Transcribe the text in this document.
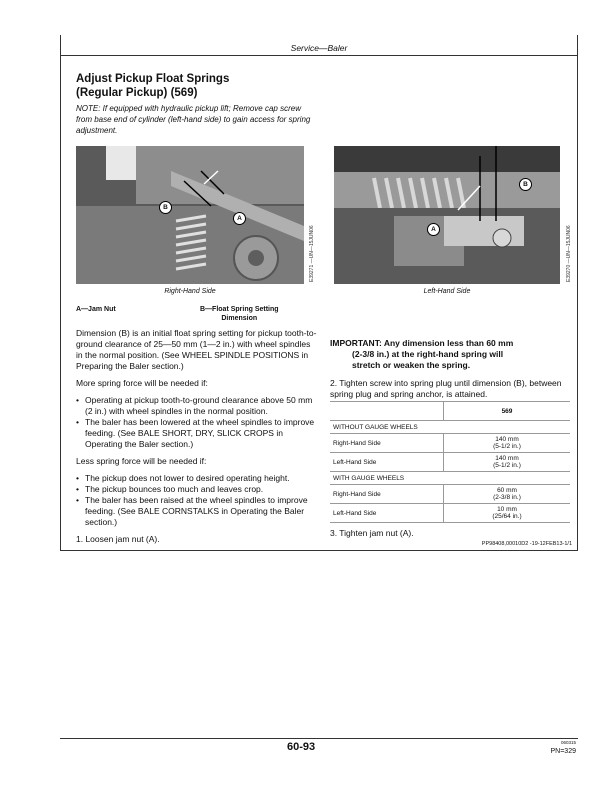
Service—Baler
Adjust Pickup Float Springs
(Regular Pickup) (569)
NOTE: If equipped with hydraulic pickup lift; Remove cap screw from base end of cylinder (left-hand side) to gain access for spring adjustment.
B
A
E39271 —UN—15JUN06
Right-Hand Side
B
A	E39270 —UN—15JUN06
Left-Hand Side
A—Jam Nut	B—Float Spring Setting
Dimension

Dimension (B) is an initial float spring setting for pickup tooth-to-ground clearance of 25—50 mm (1—2 in.) with wheel spindles in the normal position. (See WHEEL SPINDLE POSITIONS in Preparing the Baler section.)

More spring force will be needed if:

• Operating at pickup tooth-to-ground clearance above 50 mm (2 in.) with wheel spindles in the normal position.
• The baler has been lowered at the wheel spindles to improve feeding. (See BALE SHORT, DRY, SLICK CROPS in Operating the Baler section.)

Less spring force will be needed if:

• The pickup does not lower to desired operating height.
• The pickup bounces too much and leaves crop.
• The baler has been raised at the wheel spindles to improve feeding. (See BALE CORNSTALKS in Operating the Baler section.)

1. Loosen jam nut (A).

IMPORTANT: Any dimension less than 60 mm
(2-3/8 in.) at the right-hand spring will
stretch or weaken the spring.
2. Tighten screw into spring plug until dimension (B), between spring plug and spring anchor, is attained.
	569
WITHOUT GAUGE WHEELS	
Right-Hand Side	140 mm
(5-1/2 in.)

Left-Hand Side	140 mm
(5-1/2 in.)

WITH GAUGE WHEELS	
Right-Hand Side	60 mm
(2-3/8 in.)

Left-Hand Side	10 mm
(25/64 in.)
3. Tighten jam nut (A).
PP98408,00010D2 -19-12FEB13-1/1
60-93	060315
PN=329
